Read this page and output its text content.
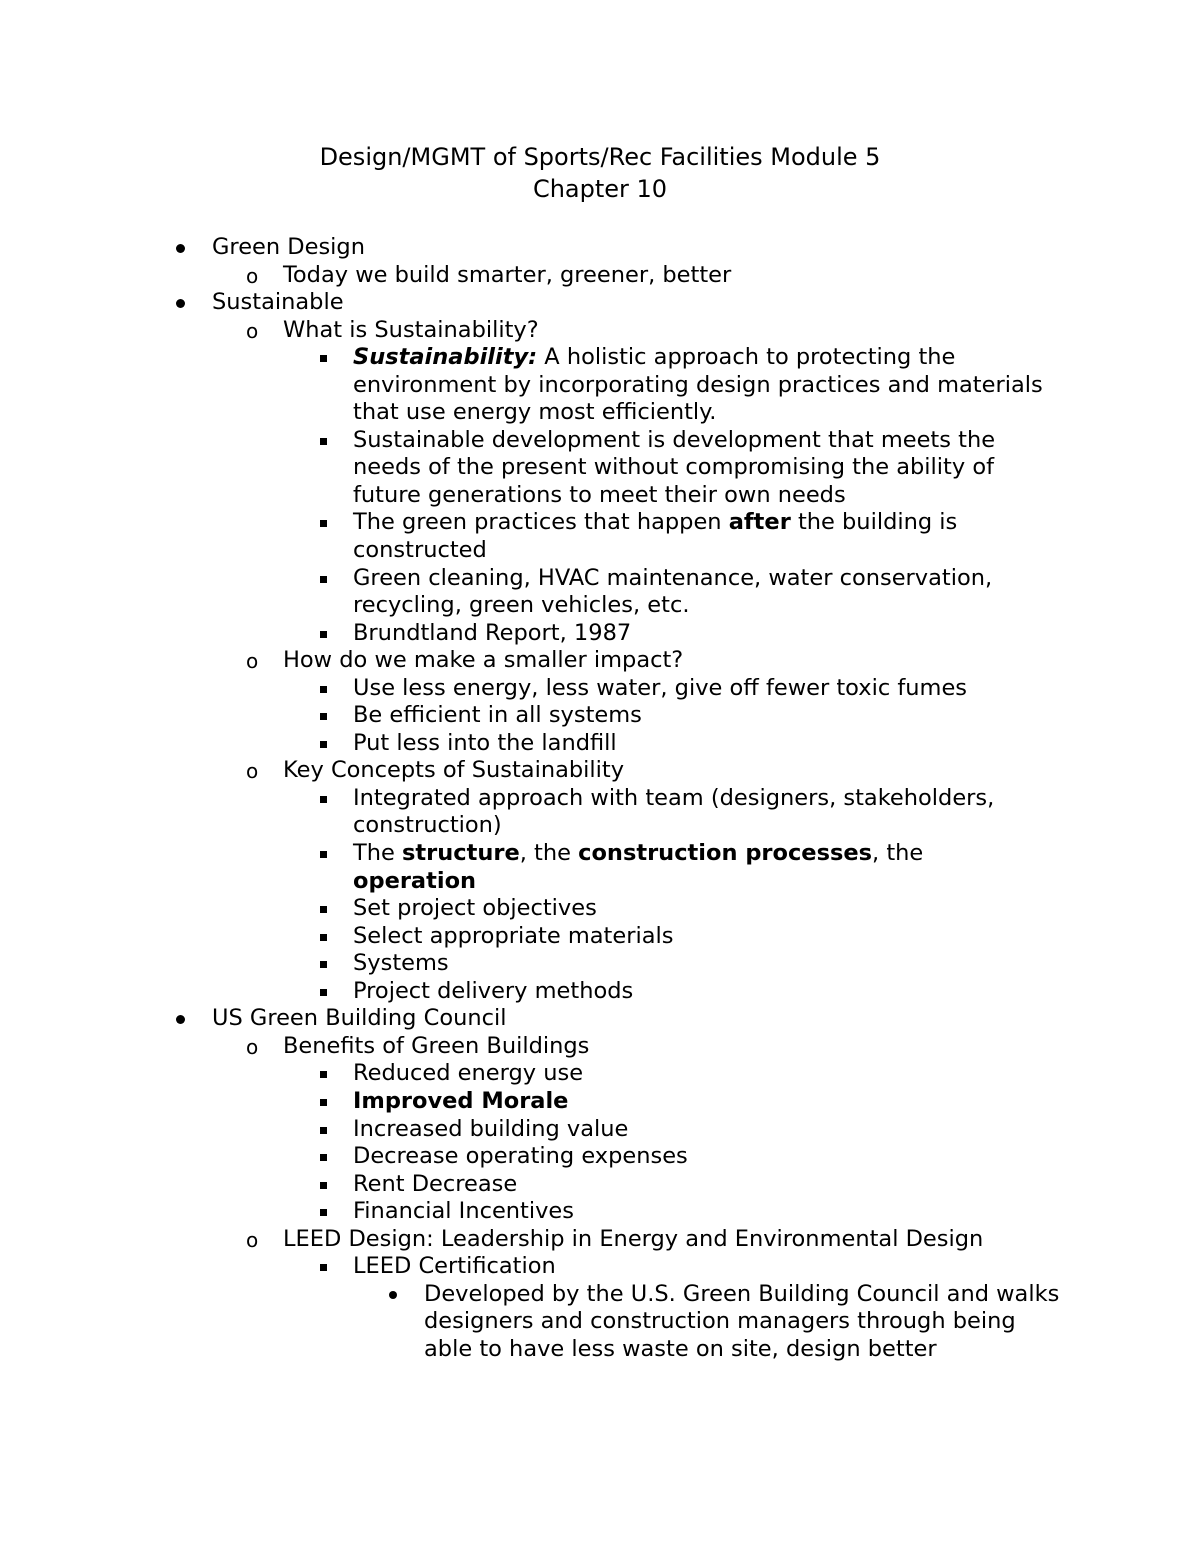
Design/MGMT of Sports/Rec Facilities Module 5
Chapter 10
Green Design
o	Today we build smarter, greener, better
Sustainable
o	What is Sustainability?
Sustainability: A holistic approach to protecting the environment by incorporating design practices and materials that use energy most efficiently.
Sustainable development is development that meets the needs of the present without compromising the ability of future generations to meet their own needs
The green practices that happen after the building is constructed
Green cleaning, HVAC maintenance, water conservation, recycling, green vehicles, etc.
Brundtland Report, 1987
o	How do we make a smaller impact?
Use less energy, less water, give off fewer toxic fumes
Be efficient in all systems
Put less into the landfill
o	Key Concepts of Sustainability
Integrated approach with team (designers, stakeholders, construction)
The structure, the construction processes, the operation
Set project objectives
Select appropriate materials
Systems
Project delivery methods
US Green Building Council
o	Benefits of Green Buildings
Reduced energy use
Improved Morale
Increased building value
Decrease operating expenses
Rent Decrease
Financial Incentives
o	LEED Design: Leadership in Energy and Environmental Design
LEED Certification
Developed by the U.S. Green Building Council and walks designers and construction managers through being able to have less waste on site, design better
